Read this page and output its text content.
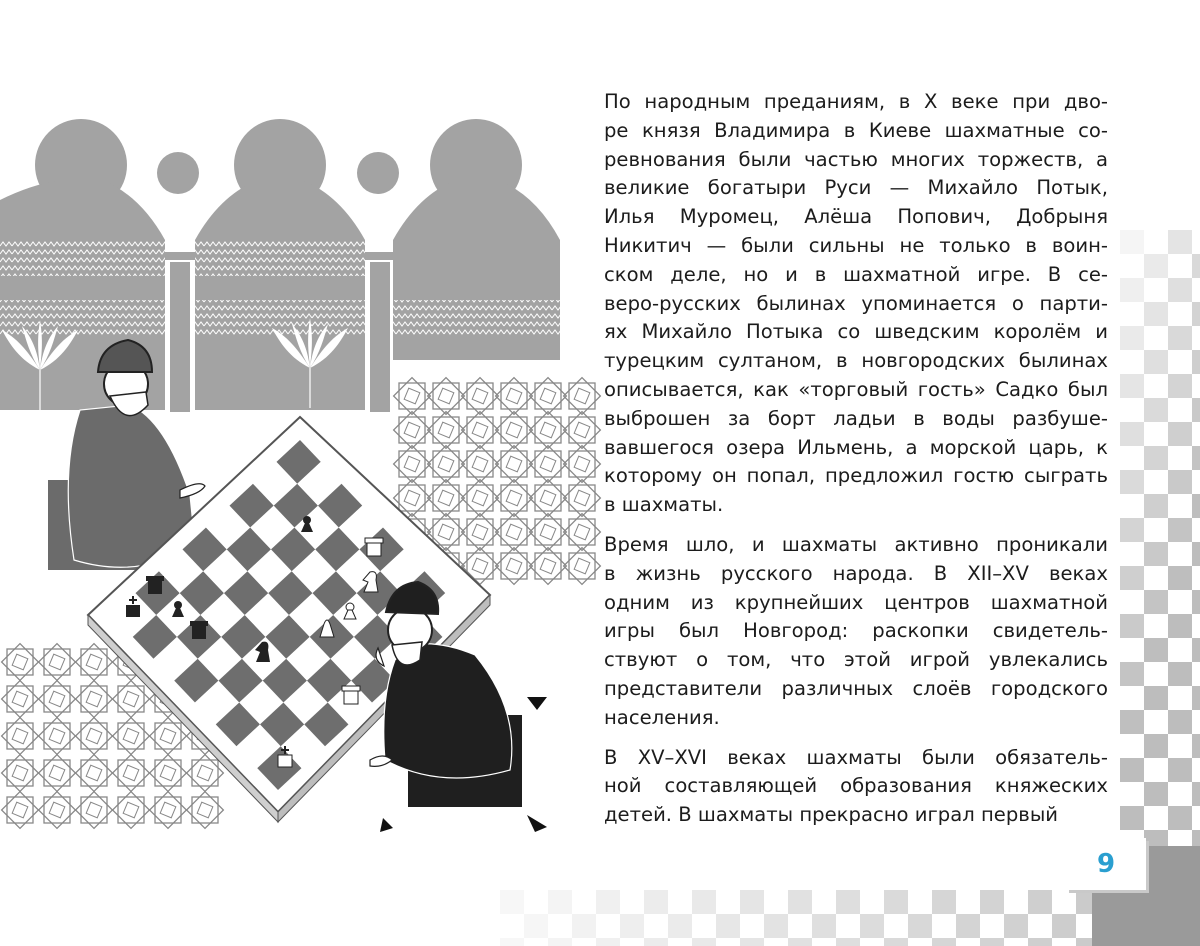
По народным преданиям, в X веке при дво-
ре князя Владимира в Киеве шахматные со-
ревнования были частью многих торжеств, а
великие богатыри Руси — Михайло Потык,
Илья Муромец, Алёша Попович, Добрыня
Никитич — были сильны не только в воин-
ском деле, но и в шахматной игре. В се-
веро-русских былинах упоминается о парти-
ях Михайло Потыка со шведским королём и
турецким султаном, в новгородских былинах
описывается, как «торговый гость» Садко был
выброшен за борт ладьи в воды разбуше-
вавшегося озера Ильмень, а морской царь, к
которому он попал, предложил гостю сыграть
в шахматы.
Время шло, и шахматы активно проникали
в жизнь русского народа. В XII–XV веках
одним из крупнейших центров шахматной
игры был Новгород: раскопки свидетель-
ствуют о том, что этой игрой увлекались
представители различных слоёв городского
населения.
В XV–XVI веках шахматы были обязатель-
ной составляющей образования княжеских
детей. В шахматы прекрасно играл первый
9
